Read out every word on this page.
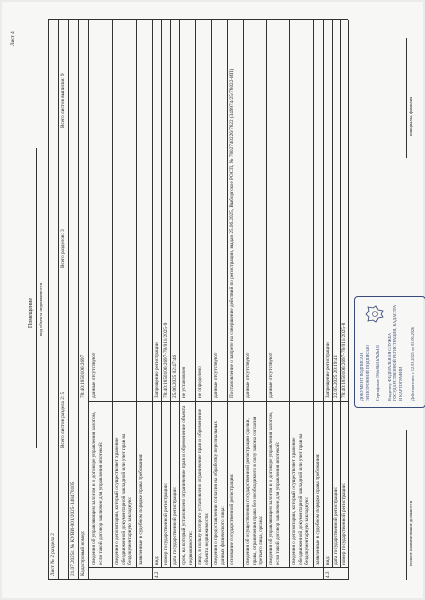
Лист 4
Помещение вид объекта недвижимости
Лист № 2 раздела 2
Всего листов раздела 2: 5
Всего разделов: 3
Всего листов выписки: 9
21.07.2025г. № КУВИ-001/2025-148470105 Кадастровый номер:
78:40:1850106:2697
сведения об управляющем залогом и о договоре управления залогом, если такой договор заключен для управления ипотекой:
данные отсутствуют
сведения о депозитарии, который осуществляет хранение обездвиженной документарной закладной или учет прав на бездокументарную закладную: заявленные в судебном порядке права требования:
4.2
вид:
Запрещение регистрации
номер государственной регистрации:
78:40:1850106:2697-78/011/2025-9
дата государственной регистрации:
25.06.2025 02:47:46
срок, на который установлено ограничение прав и обременение объекта недвижимости:
не установлен
лицо, в пользу которого установлено ограничение прав и обременение объекта недвижимости:
не определено
сведения о предоставлении согласия на обработку персональных данных физического лица:
данные отсутствуют
основание государственной регистрации:
Постановление о запрете на совершение действий по регистрации, выдан 25.06.2025, Выборгское РОСП, № 7802740226/7822 (349974/25/78022-ИП)
сведения об осуществлении государственной регистрации сделки, права, ограничения права без необходимого в силу закона согласия третьего лица, органа:
данные отсутствуют
сведения об управляющем залогом и о договоре управления залогом, если такой договор заключен для управления ипотекой:
данные отсутствуют
сведения о депозитарии, который осуществляет хранение обездвиженной документарной закладной или учет прав на бездокументарную закладную: заявленные в судебном порядке права требования:
4.3
вид:
Запрещение регистрации
дата государственной регистрации:
22.05.2025 20:19:41
номер государственной регистрации:
78:40:1850106:2697-78/011/2025-8	ДОКУМЕНТ ПОДПИСАН ЭЛЕКТРОННОЙ ПОДПИСЬЮ Сертификат: 00dc8b11b7b2b4f5 Владелец: ФЕДЕРАЛЬНАЯ СЛУЖБА ГОСУДАРСТВЕННОЙ РЕГИСТРАЦИИ, КАДАСТРА И КАРТОГРАФИИ Действителен: с 12.03.2025 по 05.06.2026
полное наименование должности
инициалы, фамилия
